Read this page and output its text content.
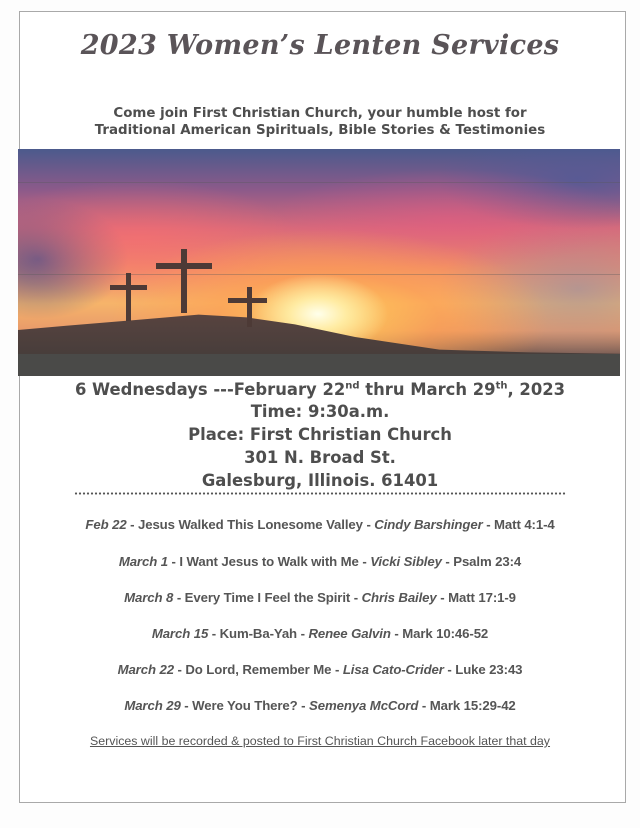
2023 Women’s Lenten Services
Come join First Christian Church, your humble host for
Traditional American Spirituals, Bible Stories & Testimonies
6 Wednesdays ---February 22nd thru March 29th, 2023
Time: 9:30a.m.
Place: First Christian Church
301 N. Broad St.
Galesburg, Illinois. 61401
Feb 22 - Jesus Walked This Lonesome Valley - Cindy Barshinger - Matt 4:1-4
March 1 - I Want Jesus to Walk with Me - Vicki Sibley - Psalm 23:4
March 8 - Every Time I Feel the Spirit - Chris Bailey - Matt 17:1-9
March 15 - Kum-Ba-Yah - Renee Galvin - Mark 10:46-52
March 22 - Do Lord, Remember Me - Lisa Cato-Crider - Luke 23:43
March 29 - Were You There? - Semenya McCord - Mark 15:29-42
Services will be recorded & posted to First Christian Church Facebook later that day
